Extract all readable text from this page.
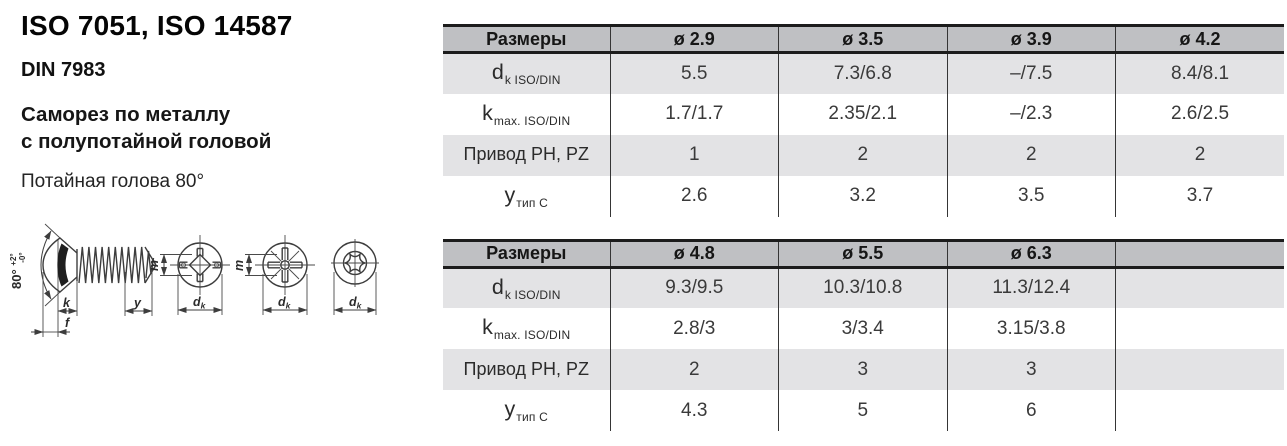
ISO 7051, ISO 14587
DIN 7983

Саморез по металлу
с полупотайной головой

Потайная голова 80°

80° $^{+2^\circ}$ -0°
k
f
y
m
$d_k$
m
$d_k$	$d_k$
Размеры	ø 2.9	ø 3.5	ø 3.9	ø 4.2
$d_{k ISO/DIN}$	5.5	7.3/6.8	–/7.5	8.4/8.1
$k_{max. ISO/DIN}$	1.7/1.7	2.35/2.1	–/2.3	2.6/2.5
Привод PH, PZ	1	2	2	2
$y_{тип C}$	2.6	3.2	3.5	3.7
Размеры	ø 4.8	ø 5.5	ø 6.3	
$d_{k ISO/DIN}$	9.3/9.5	10.3/10.8	11.3/12.4	
$k_{max. ISO/DIN}$	2.8/3	3/3.4	3.15/3.8	
Привод PH, PZ	2	3	3	
$y_{тип C}$	4.3	5	6	
